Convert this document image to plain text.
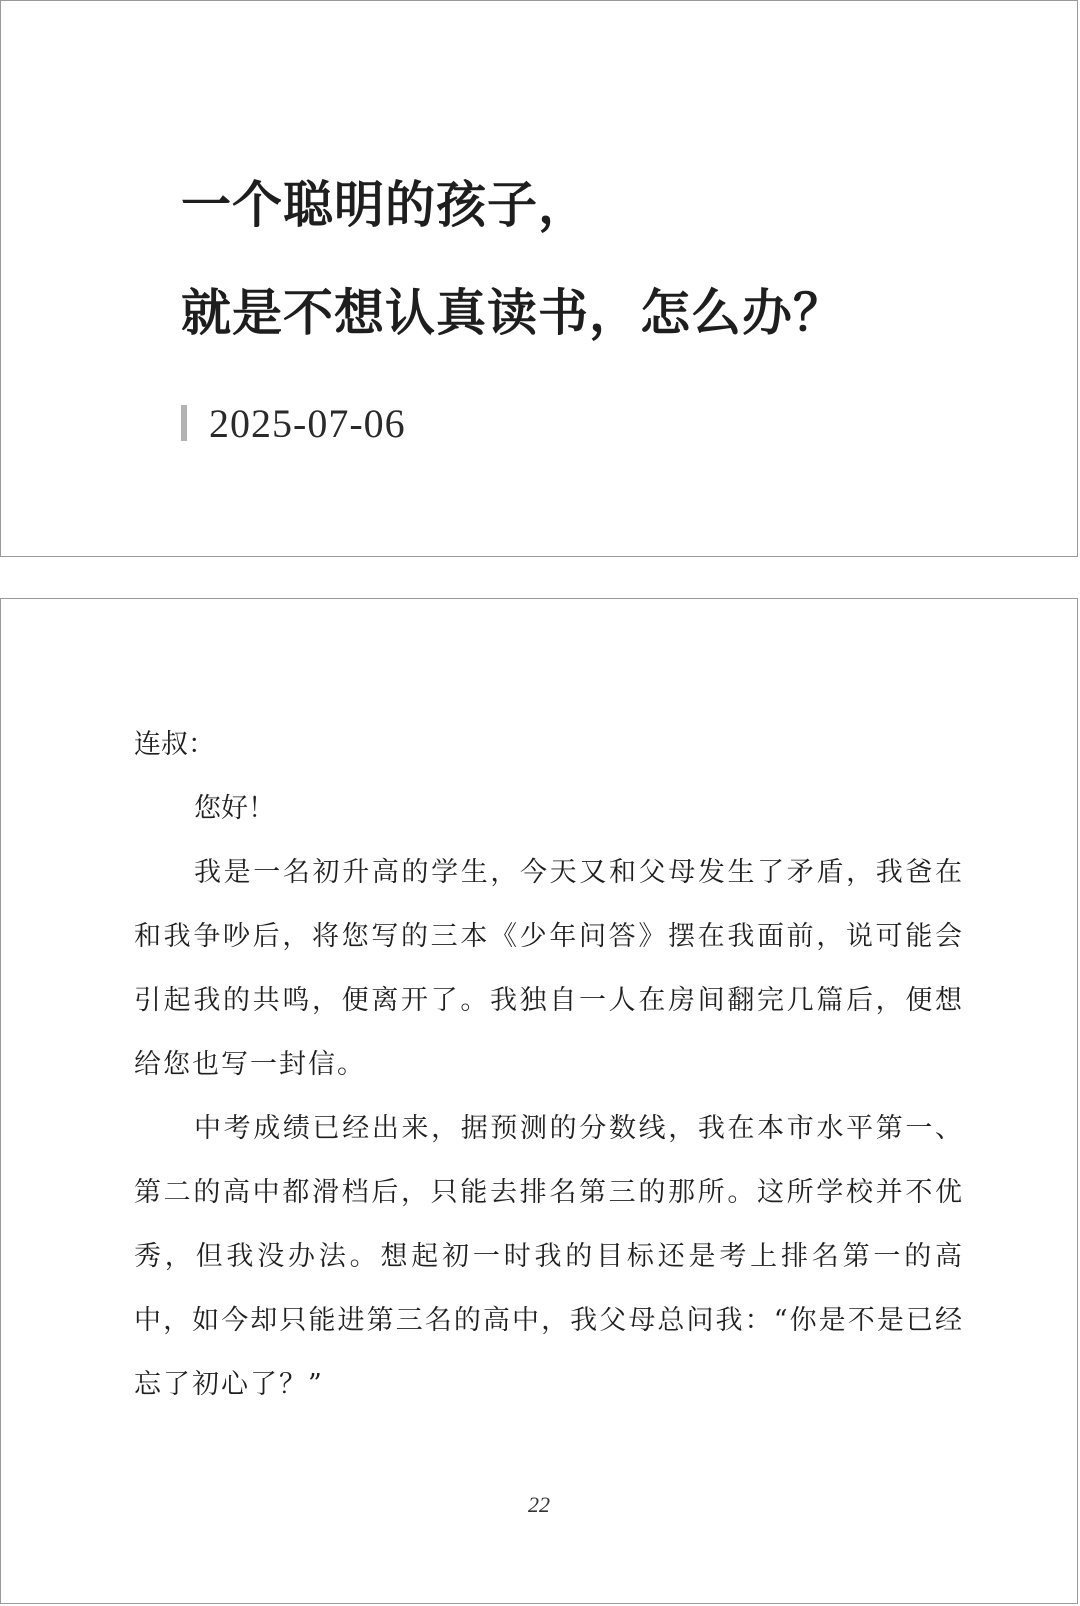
一个聪明的孩子，
就是不想认真读书，怎么办？
2025-07-06

连叔：

您好！

我是一名初升高的学生，今天又和父母发生了矛盾，我爸在和我争吵后，将您写的三本《少年问答》摆在我面前，说可能会引起我的共鸣，便离开了。我独自一人在房间翻完几篇后，便想给您也写一封信。

中考成绩已经出来，据预测的分数线，我在本市水平第一、第二的高中都滑档后，只能去排名第三的那所。这所学校并不优秀，但我没办法。想起初一时我的目标还是考上排名第一的高中，如今却只能进第三名的高中，我父母总问我：“你是不是已经忘了初心了？”

22
